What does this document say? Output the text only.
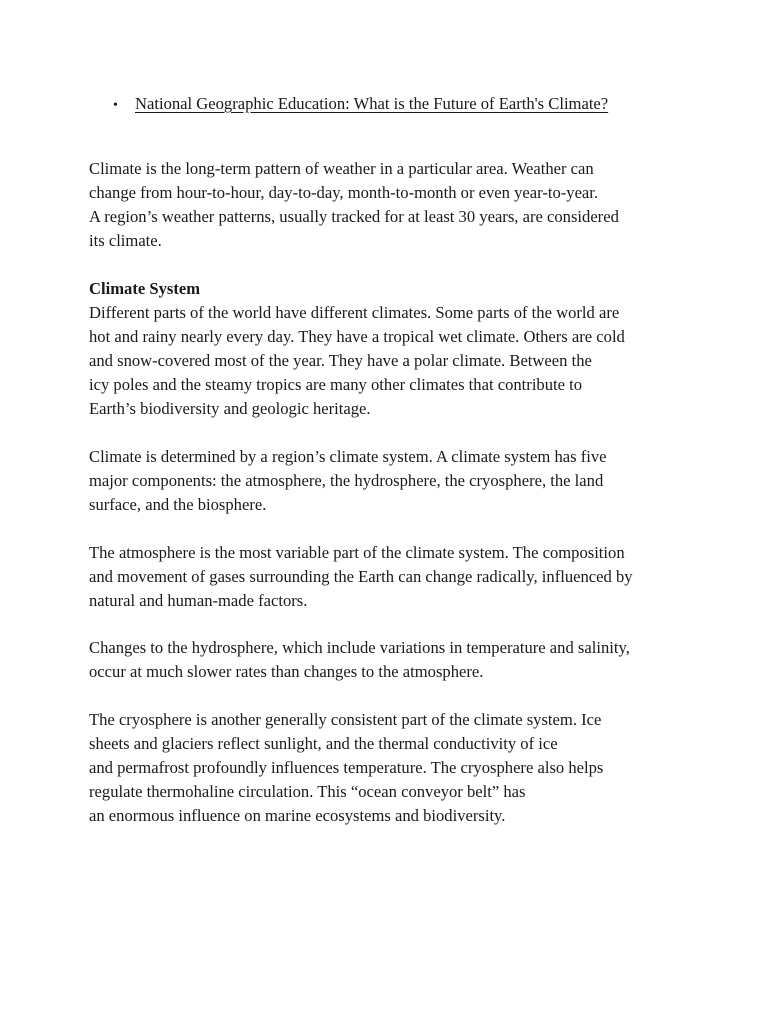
• National Geographic Education: What is the Future of Earth's Climate?
Climate is the long-term pattern of weather in a particular area. Weather can
change from hour-to-hour, day-to-day, month-to-month or even year-to-year.
A region’s weather patterns, usually tracked for at least 30 years, are considered
its climate.
Climate System
Different parts of the world have different climates. Some parts of the world are
hot and rainy nearly every day. They have a tropical wet climate. Others are cold
and snow-covered most of the year. They have a polar climate. Between the
icy poles and the steamy tropics are many other climates that contribute to
Earth’s biodiversity and geologic heritage.
Climate is determined by a region’s climate system. A climate system has five
major components: the atmosphere, the hydrosphere, the cryosphere, the land
surface, and the biosphere.
The atmosphere is the most variable part of the climate system. The composition
and movement of gases surrounding the Earth can change radically, influenced by
natural and human-made factors.
Changes to the hydrosphere, which include variations in temperature and salinity,
occur at much slower rates than changes to the atmosphere.
The cryosphere is another generally consistent part of the climate system. Ice
sheets and glaciers reflect sunlight, and the thermal conductivity of ice
and permafrost profoundly influences temperature. The cryosphere also helps
regulate thermohaline circulation. This “ocean conveyor belt” has
an enormous influence on marine ecosystems and biodiversity.
